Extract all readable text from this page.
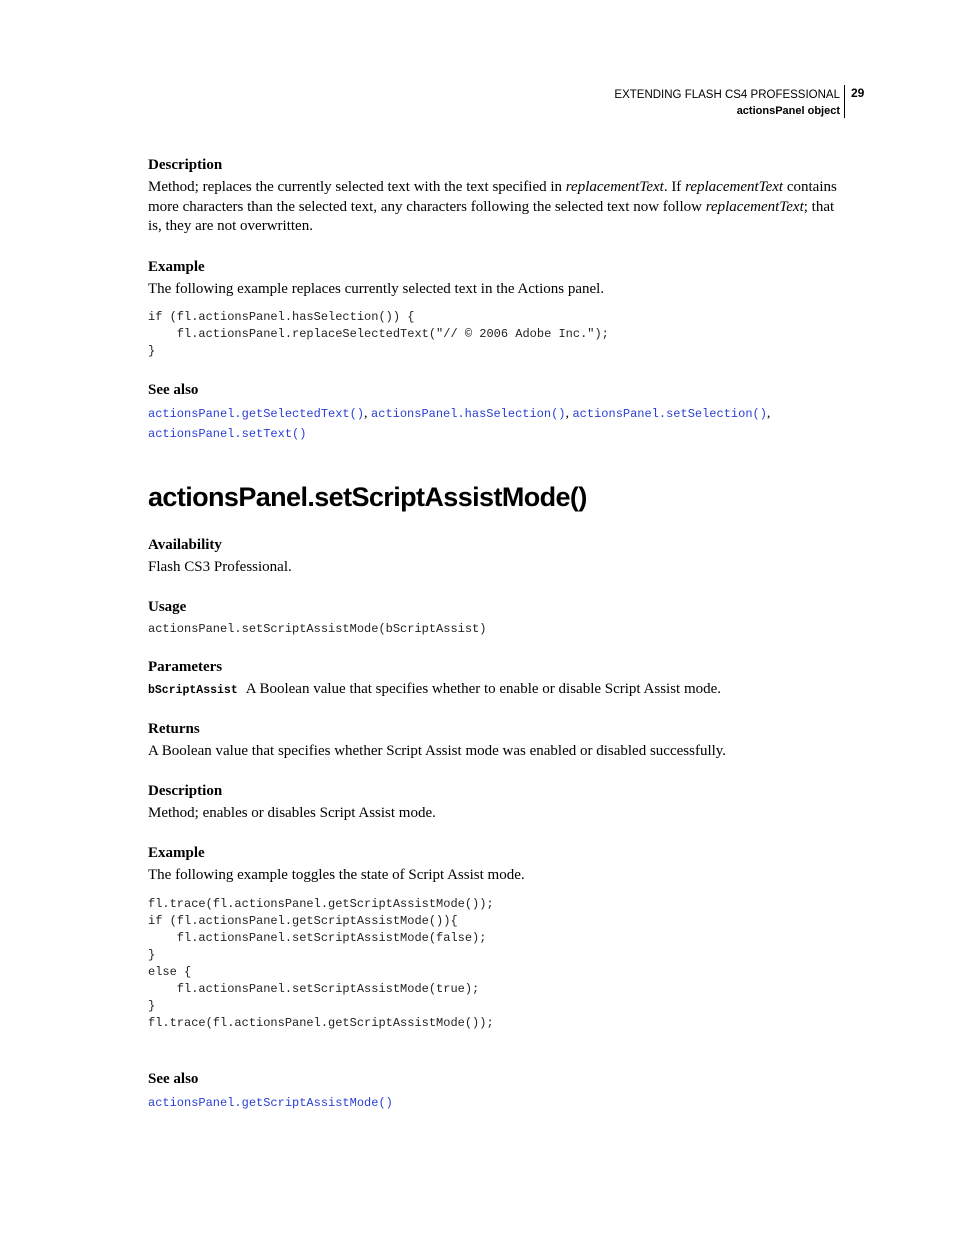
EXTENDING FLASH CS4 PROFESSIONAL
actionsPanel object
29
Description
Method; replaces the currently selected text with the text specified in replacementText. If replacementText contains more characters than the selected text, any characters following the selected text now follow replacementText; that is, they are not overwritten.
Example
The following example replaces currently selected text in the Actions panel.
if (fl.actionsPanel.hasSelection()) {
fl.actionsPanel.replaceSelectedText("// © 2006 Adobe Inc.");
}
See also
actionsPanel.getSelectedText(), actionsPanel.hasSelection(), actionsPanel.setSelection(),
actionsPanel.setText()
actionsPanel.setScriptAssistMode()
Availability
Flash CS3 Professional.
Usage
actionsPanel.setScriptAssistMode(bScriptAssist)
Parameters
bScriptAssist A Boolean value that specifies whether to enable or disable Script Assist mode.
Returns
A Boolean value that specifies whether Script Assist mode was enabled or disabled successfully.
Description
Method; enables or disables Script Assist mode.
Example
The following example toggles the state of Script Assist mode.
fl.trace(fl.actionsPanel.getScriptAssistMode());
if (fl.actionsPanel.getScriptAssistMode()){
fl.actionsPanel.setScriptAssistMode(false);
}
else {
fl.actionsPanel.setScriptAssistMode(true);
}
fl.trace(fl.actionsPanel.getScriptAssistMode());
See also
actionsPanel.getScriptAssistMode()
